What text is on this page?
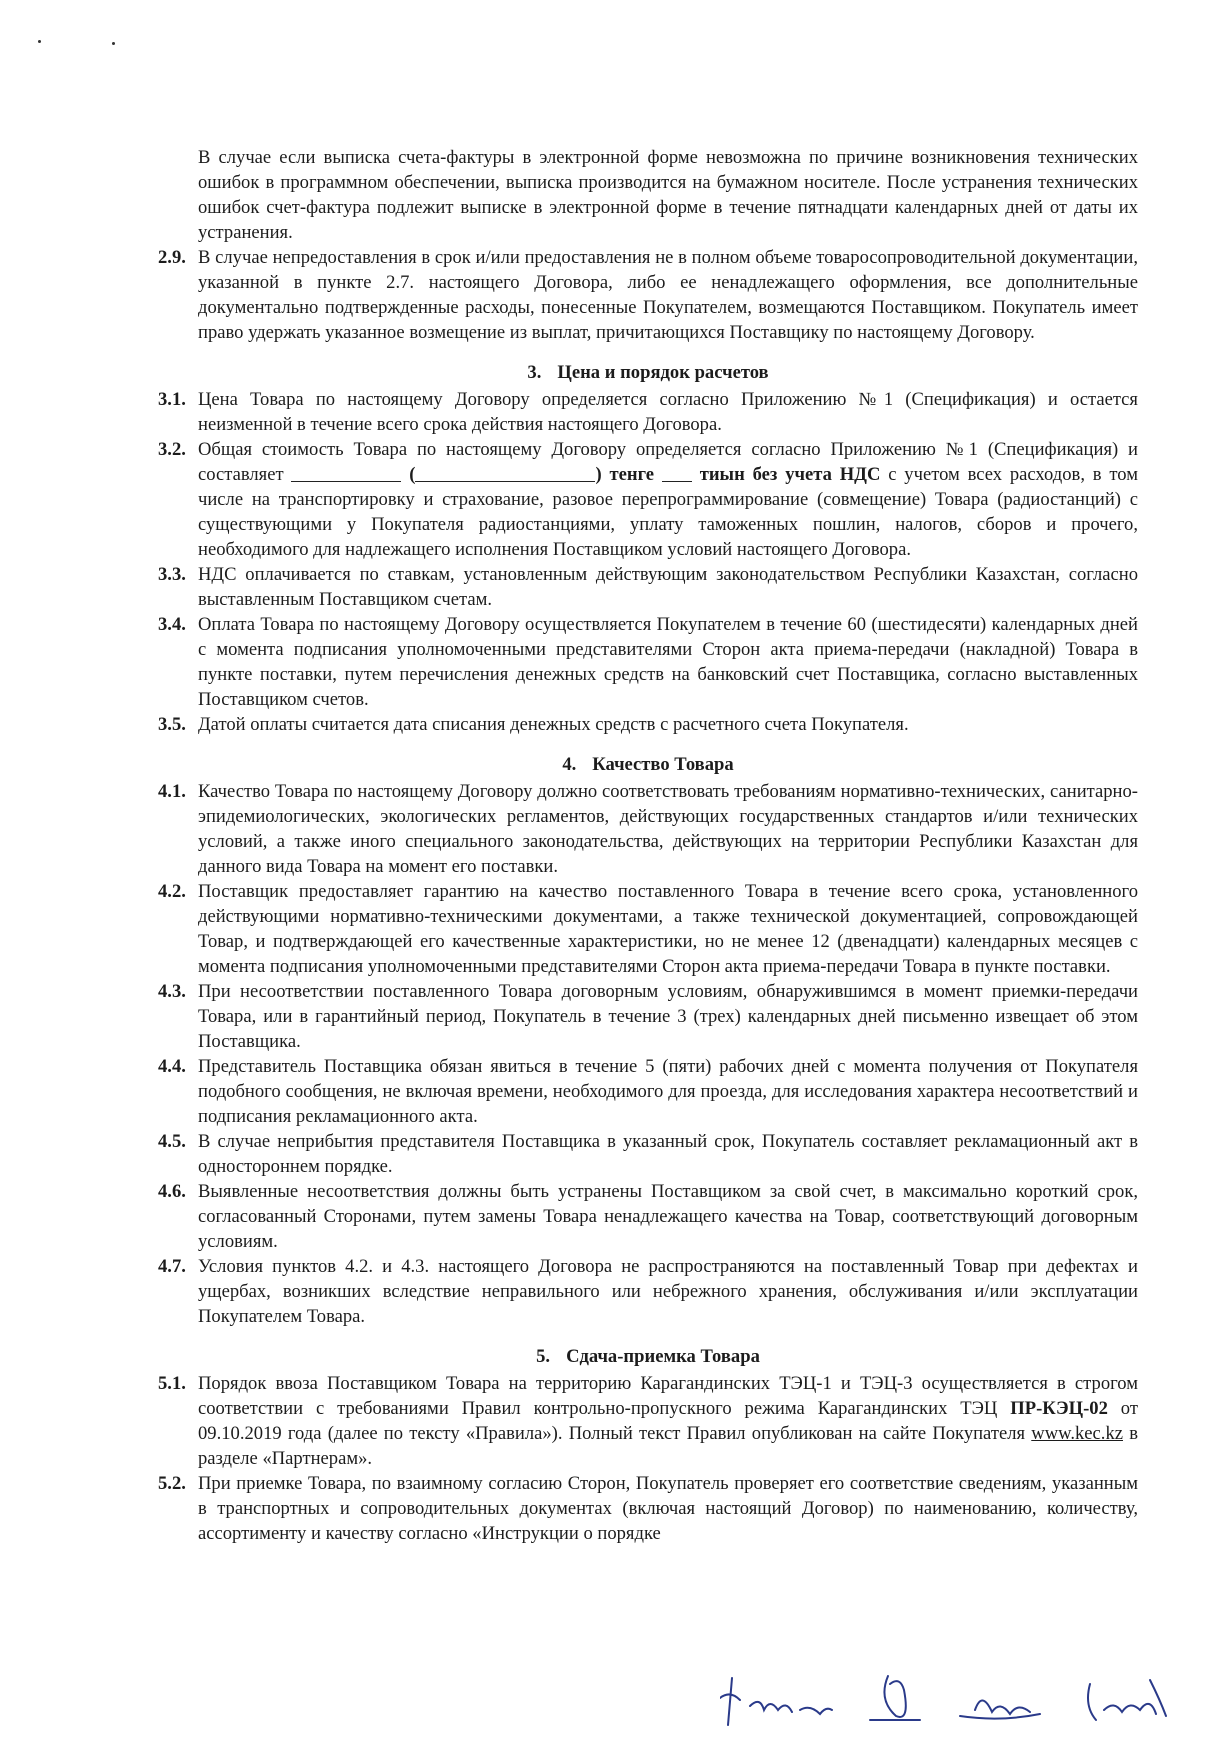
В случае если выписка счета-фактуры в электронной форме невозможна по причине возникновения технических ошибок в программном обеспечении, выписка производится на бумажном носителе. После устранения технических ошибок счет-фактура подлежит выписке в электронной форме в течение пятнадцати календарных дней от даты их устранения.

2.9. В случае непредоставления в срок и/или предоставления не в полном объеме товаросопроводительной документации, указанной в пункте 2.7. настоящего Договора, либо ее ненадлежащего оформления, все дополнительные документально подтвержденные расходы, понесенные Покупателем, возмещаются Поставщиком. Покупатель имеет право удержать указанное возмещение из выплат, причитающихся Поставщику по настоящему Договору.
3. Цена и порядок расчетов
3.1. Цена Товара по настоящему Договору определяется согласно Приложению №1 (Спецификация) и остается неизменной в течение всего срока действия настоящего Договора.
3.2. Общая стоимость Товара по настоящему Договору определяется согласно Приложению №1 (Спецификация) и составляет	(	) тенге тиын без учета НДС с учетом всех расходов, в том числе на транспортировку и страхование, разовое перепрограммирование (совмещение) Товара (радиостанций) с существующими у Покупателя радиостанциями, уплату таможенных пошлин, налогов, сборов и прочего, необходимого для надлежащего исполнения Поставщиком условий настоящего Договора.
3.3. НДС оплачивается по ставкам, установленным действующим законодательством Республики Казахстан, согласно выставленным Поставщиком счетам.
3.4. Оплата Товара по настоящему Договору осуществляется Покупателем в течение 60 (шестидесяти) календарных дней с момента подписания уполномоченными представителями Сторон акта приема-передачи (накладной) Товара в пункте поставки, путем перечисления денежных средств на банковский счет Поставщика, согласно выставленных Поставщиком счетов.
3.5. Датой оплаты считается дата списания денежных средств с расчетного счета Покупателя.
4. Качество Товара
4.1. Качество Товара по настоящему Договору должно соответствовать требованиям нормативно-технических, санитарно-эпидемиологических, экологических регламентов, действующих государственных стандартов и/или технических условий, а также иного специального законодательства, действующих на территории Республики Казахстан для данного вида Товара на момент его поставки.
4.2. Поставщик предоставляет гарантию на качество поставленного Товара в течение всего срока, установленного действующими нормативно-техническими документами, а также технической документацией, сопровождающей Товар, и подтверждающей его качественные характеристики, но не менее 12 (двенадцати) календарных месяцев с момента подписания уполномоченными представителями Сторон акта приема-передачи Товара в пункте поставки.
4.3. При несоответствии поставленного Товара договорным условиям, обнаружившимся в момент приемки-передачи Товара, или в гарантийный период, Покупатель в течение 3 (трех) календарных дней письменно извещает об этом Поставщика.
4.4. Представитель Поставщика обязан явиться в течение 5 (пяти) рабочих дней с момента получения от Покупателя подобного сообщения, не включая времени, необходимого для проезда, для исследования характера несоответствий и подписания рекламационного акта.
4.5. В случае неприбытия представителя Поставщика в указанный срок, Покупатель составляет рекламационный акт в одностороннем порядке.
4.6. Выявленные несоответствия должны быть устранены Поставщиком за свой счет, в максимально короткий срок, согласованный Сторонами, путем замены Товара ненадлежащего качества на Товар, соответствующий договорным условиям.
4.7. Условия пунктов 4.2. и 4.3. настоящего Договора не распространяются на поставленный Товар при дефектах и ущербах, возникших вследствие неправильного или небрежного хранения, обслуживания и/или эксплуатации Покупателем Товара.
5. Сдача-приемка Товара
5.1. Порядок ввоза Поставщиком Товара на территорию Карагандинских ТЭЦ-1 и ТЭЦ-3 осуществляется в строгом соответствии с требованиями Правил контрольно-пропускного режима Карагандинских ТЭЦ ПР-КЭЦ-02 от 09.10.2019 года (далее по тексту «Правила»). Полный текст Правил опубликован на сайте Покупателя www.kec.kz в разделе «Партнерам».
5.2. При приемке Товара, по взаимному согласию Сторон, Покупатель проверяет его соответствие сведениям, указанным в транспортных и сопроводительных документах (включая настоящий Договор) по наименованию, количеству, ассортименту и качеству согласно «Инструкции о порядке
